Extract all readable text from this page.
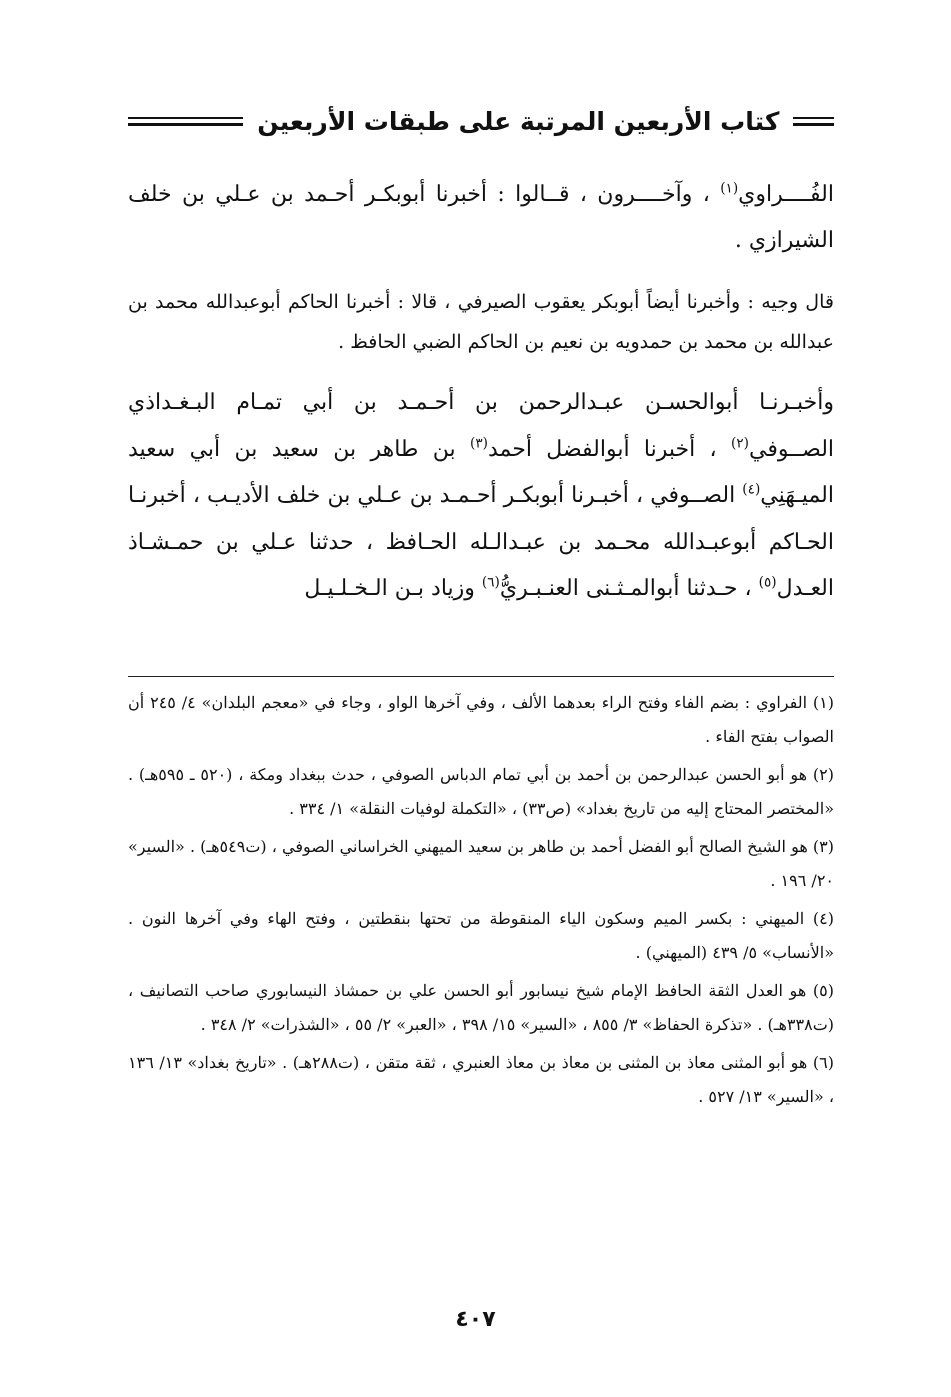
كتاب الأربعين المرتبة على طبقات الأربعين

الفُــــراوي$^{(١)}$ ، وآخــــرون ، قــالوا : أخبرنا أبوبكـر أحـمد بن عـلي بن خلف الشيرازي .

قال وجيه : وأخبرنا أيضاً أبوبكر يعقوب الصيرفي ، قالا : أخبرنا الحاكم أبوعبدالله محمد بن عبدالله بن محمد بن حمدويه بن نعيم بن الحاكم الضبي الحافظ .

وأخبـرنـا أبوالحسـن عبـدالرحمن بن أحـمـد بن أبي تمـام البـغـداذي الصــوفي$^{(٢)}$ ، أخبرنا أبوالفضل أحمد$^{(٣)}$ بن طاهر بن سعيد بن أبي سعيد الميـهَنِي$^{(٤)}$ الصــوفي ، أخبـرنا أبوبكـر أحـمـد بن عـلي بن خلف الأديـب ، أخبرنـا الحـاكم أبوعبـدالله محـمد بن عبـدالـله الحـافظ ، حدثنا عـلي بن حمـشـاذ العـدل$^{(٥)}$ ، حـدثنا أبوالمـثـنى العنـبـريُّ$^{(٦)}$ وزياد بـن الـخـلـيـل

(١) الفراوي : بضم الفاء وفتح الراء بعدهما الألف ، وفي آخرها الواو ، وجاء في «معجم البلدان» ٤/ ٢٤٥ أن الصواب بفتح الفاء .

(٢) هو أبو الحسن عبدالرحمن بن أحمد بن أبي تمام الدباس الصوفي ، حدث ببغداد ومكة ، (٥٢٠ ـ ٥٩٥هـ) . «المختصر المحتاج إليه من تاريخ بغداد» (ص٣٣) ، «التكملة لوفيات النقلة» ١/ ٣٣٤ .

(٣) هو الشيخ الصالح أبو الفضل أحمد بن طاهر بن سعيد الميهني الخراساني الصوفي ، (ت٥٤٩هـ) . «السير» ٢٠/ ١٩٦ .

(٤) الميهني : بكسر الميم وسكون الياء المنقوطة من تحتها بنقطتين ، وفتح الهاء وفي آخرها النون . «الأنساب» ٥/ ٤٣٩ (الميهني) .

(٥) هو العدل الثقة الحافظ الإمام شيخ نيسابور أبو الحسن علي بن حمشاذ النيسابوري صاحب التصانيف ، (ت٣٣٨هـ) . «تذكرة الحفاظ» ٣/ ٨٥٥ ، «السير» ١٥/ ٣٩٨ ، «العبر» ٢/ ٥٥ ، «الشذرات» ٢/ ٣٤٨ .

(٦) هو أبو المثنى معاذ بن المثنى بن معاذ بن معاذ العنبري ، ثقة متقن ، (ت٢٨٨هـ) . «تاريخ بغداد» ١٣/ ١٣٦ ، «السير» ١٣/ ٥٢٧ .

٤٠٧
